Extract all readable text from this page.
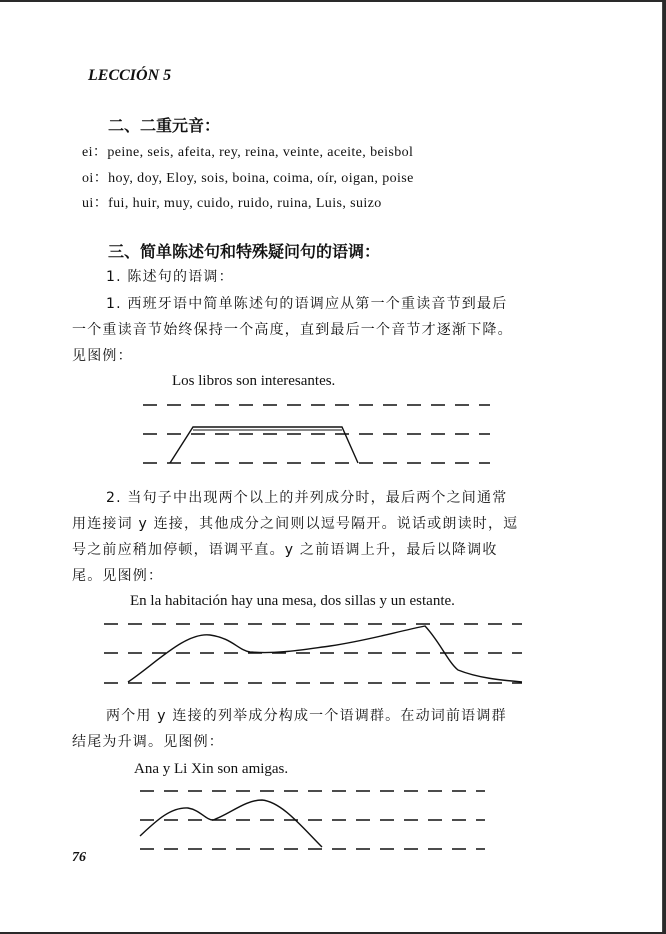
LECCIÓN 5
二、二重元音：
ei：peine, seis, afeita, rey, reina, veinte, aceite, beisbol
oi：hoy, doy, Eloy, sois, boina, coima, oír, oigan, poise
ui：fui, huir, muy, cuido, ruido, ruina, Luis, suizo
三、简单陈述句和特殊疑问句的语调：
1. 陈述句的语调：
1. 西班牙语中简单陈述句的语调应从第一个重读音节到最后
一个重读音节始终保持一个高度，直到最后一个音节才逐渐下降。
见图例：
Los libros son interesantes.
2. 当句子中出现两个以上的并列成分时，最后两个之间通常
用连接词 y 连接，其他成分之间则以逗号隔开。说话或朗读时，逗
号之前应稍加停顿，语调平直。y 之前语调上升，最后以降调收
尾。见图例：
En la habitación hay una mesa, dos sillas y un estante.
两个用 y 连接的列举成分构成一个语调群。在动词前语调群
结尾为升调。见图例：
Ana y Li Xin son amigas.
76
